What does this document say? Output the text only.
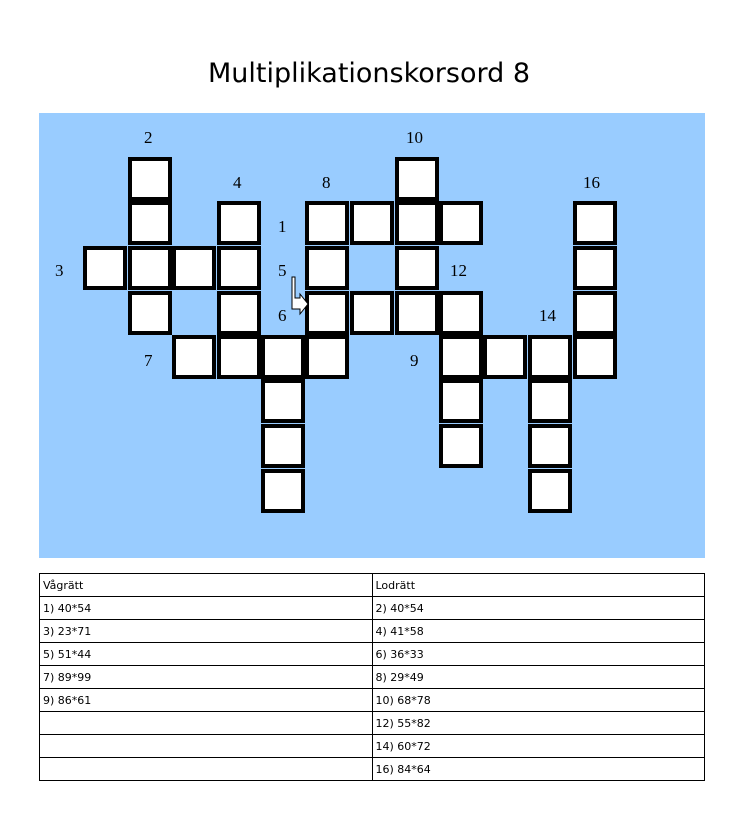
Multiplikationskorsord 8
2	10
4	8	16
1
3	5	12
6	14
7	9
Vågrätt	Lodrätt
1) 40*54	2) 40*54
3) 23*71	4) 41*58
5) 51*44	6) 36*33
7) 89*99	8) 29*49
9) 86*61	10) 68*78
	12) 55*82
	14) 60*72
	16) 84*64
